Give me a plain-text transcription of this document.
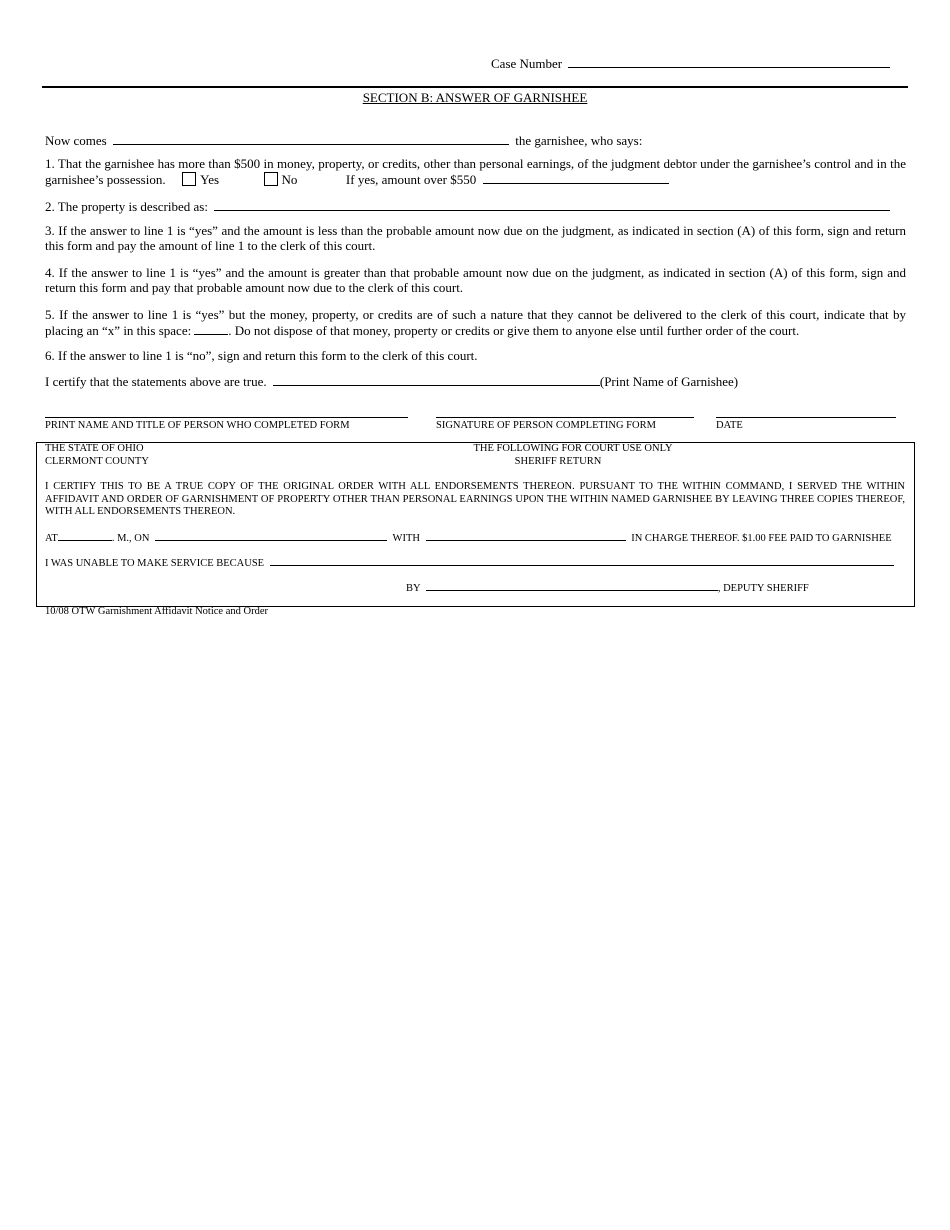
Case Number
SECTION B: ANSWER OF GARNISHEE
Now comes	the garnishee, who says:
1. That the garnishee has more than $500 in money, property, or credits, other than personal earnings, of the judgment debtor under the garnishee’s control and in the garnishee’s possession.	Yes	No	If yes, amount over $550
2. The property is described as:
3. If the answer to line 1 is “yes” and the amount is less than the probable amount now due on the judgment, as indicated in section (A) of this form, sign and return this form and pay the amount of line 1 to the clerk of this court.
4. If the answer to line 1 is “yes” and the amount is greater than that probable amount now due on the judgment, as indicated in section (A) of this form, sign and return this form and pay that probable amount now due to the clerk of this court.
5. If the answer to line 1 is “yes” but the money, property, or credits are of such a nature that they cannot be delivered to the clerk of this court, indicate that by placing an “x” in this space:	. Do not dispose of that money, property or credits or give them to anyone else until further order of the court.
6. If the answer to line 1 is “no”, sign and return this form to the clerk of this court.
I certify that the statements above are true.	(Print Name of Garnishee)
PRINT NAME AND TITLE OF PERSON WHO COMPLETED FORM	SIGNATURE OF PERSON COMPLETING FORM	DATE
THE STATE OF OHIO
CLERMONT COUNTY
THE FOLLOWING FOR COURT USE ONLY
SHERIFF RETURN
I CERTIFY THIS TO BE A TRUE COPY OF THE ORIGINAL ORDER WITH ALL ENDORSEMENTS THEREON. PURSUANT TO THE WITHIN COMMAND, I SERVED THE WITHIN AFFIDAVIT AND ORDER OF GARNISHMENT OF PROPERTY OTHER THAN PERSONAL EARNINGS UPON THE WITHIN NAMED GARNISHEE BY LEAVING THREE COPIES THEREOF, WITH ALL ENDORSEMENTS THEREON.
AT	. M., ON	WITH	IN CHARGE THEREOF. $1.00 FEE PAID TO GARNISHEE
I WAS UNABLE TO MAKE SERVICE BECAUSE
BY	, DEPUTY SHERIFF
10/08 OTW Garnishment Affidavit Notice and Order
